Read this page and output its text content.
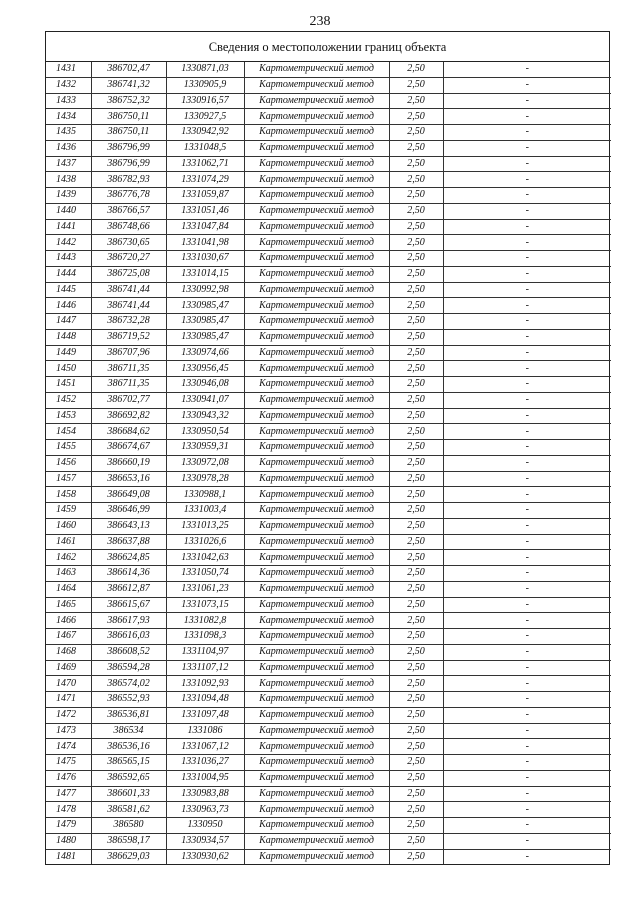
238
Сведения о местоположении границ объекта
1431	386702,47	1330871,03	Картометрический метод	2,50	-
1432	386741,32	1330905,9	Картометрический метод	2,50	-
1433	386752,32	1330916,57	Картометрический метод	2,50	-
1434	386750,11	1330927,5	Картометрический метод	2,50	-
1435	386750,11	1330942,92	Картометрический метод	2,50	-
1436	386796,99	1331048,5	Картометрический метод	2,50	-
1437	386796,99	1331062,71	Картометрический метод	2,50	-
1438	386782,93	1331074,29	Картометрический метод	2,50	-
1439	386776,78	1331059,87	Картометрический метод	2,50	-
1440	386766,57	1331051,46	Картометрический метод	2,50	-
1441	386748,66	1331047,84	Картометрический метод	2,50	-
1442	386730,65	1331041,98	Картометрический метод	2,50	-
1443	386720,27	1331030,67	Картометрический метод	2,50	-
1444	386725,08	1331014,15	Картометрический метод	2,50	-
1445	386741,44	1330992,98	Картометрический метод	2,50	-
1446	386741,44	1330985,47	Картометрический метод	2,50	-
1447	386732,28	1330985,47	Картометрический метод	2,50	-
1448	386719,52	1330985,47	Картометрический метод	2,50	-
1449	386707,96	1330974,66	Картометрический метод	2,50	-
1450	386711,35	1330956,45	Картометрический метод	2,50	-
1451	386711,35	1330946,08	Картометрический метод	2,50	-
1452	386702,77	1330941,07	Картометрический метод	2,50	-
1453	386692,82	1330943,32	Картометрический метод	2,50	-
1454	386684,62	1330950,54	Картометрический метод	2,50	-
1455	386674,67	1330959,31	Картометрический метод	2,50	-
1456	386660,19	1330972,08	Картометрический метод	2,50	-
1457	386653,16	1330978,28	Картометрический метод	2,50	-
1458	386649,08	1330988,1	Картометрический метод	2,50	-
1459	386646,99	1331003,4	Картометрический метод	2,50	-
1460	386643,13	1331013,25	Картометрический метод	2,50	-
1461	386637,88	1331026,6	Картометрический метод	2,50	-
1462	386624,85	1331042,63	Картометрический метод	2,50	-
1463	386614,36	1331050,74	Картометрический метод	2,50	-
1464	386612,87	1331061,23	Картометрический метод	2,50	-
1465	386615,67	1331073,15	Картометрический метод	2,50	-
1466	386617,93	1331082,8	Картометрический метод	2,50	-
1467	386616,03	1331098,3	Картометрический метод	2,50	-
1468	386608,52	1331104,97	Картометрический метод	2,50	-
1469	386594,28	1331107,12	Картометрический метод	2,50	-
1470	386574,02	1331092,93	Картометрический метод	2,50	-
1471	386552,93	1331094,48	Картометрический метод	2,50	-
1472	386536,81	1331097,48	Картометрический метод	2,50	-
1473	386534	1331086	Картометрический метод	2,50	-
1474	386536,16	1331067,12	Картометрический метод	2,50	-
1475	386565,15	1331036,27	Картометрический метод	2,50	-
1476	386592,65	1331004,95	Картометрический метод	2,50	-
1477	386601,33	1330983,88	Картометрический метод	2,50	-
1478	386581,62	1330963,73	Картометрический метод	2,50	-
1479	386580	1330950	Картометрический метод	2,50	-
1480	386598,17	1330934,57	Картометрический метод	2,50	-
1481	386629,03	1330930,62	Картометрический метод	2,50	-
